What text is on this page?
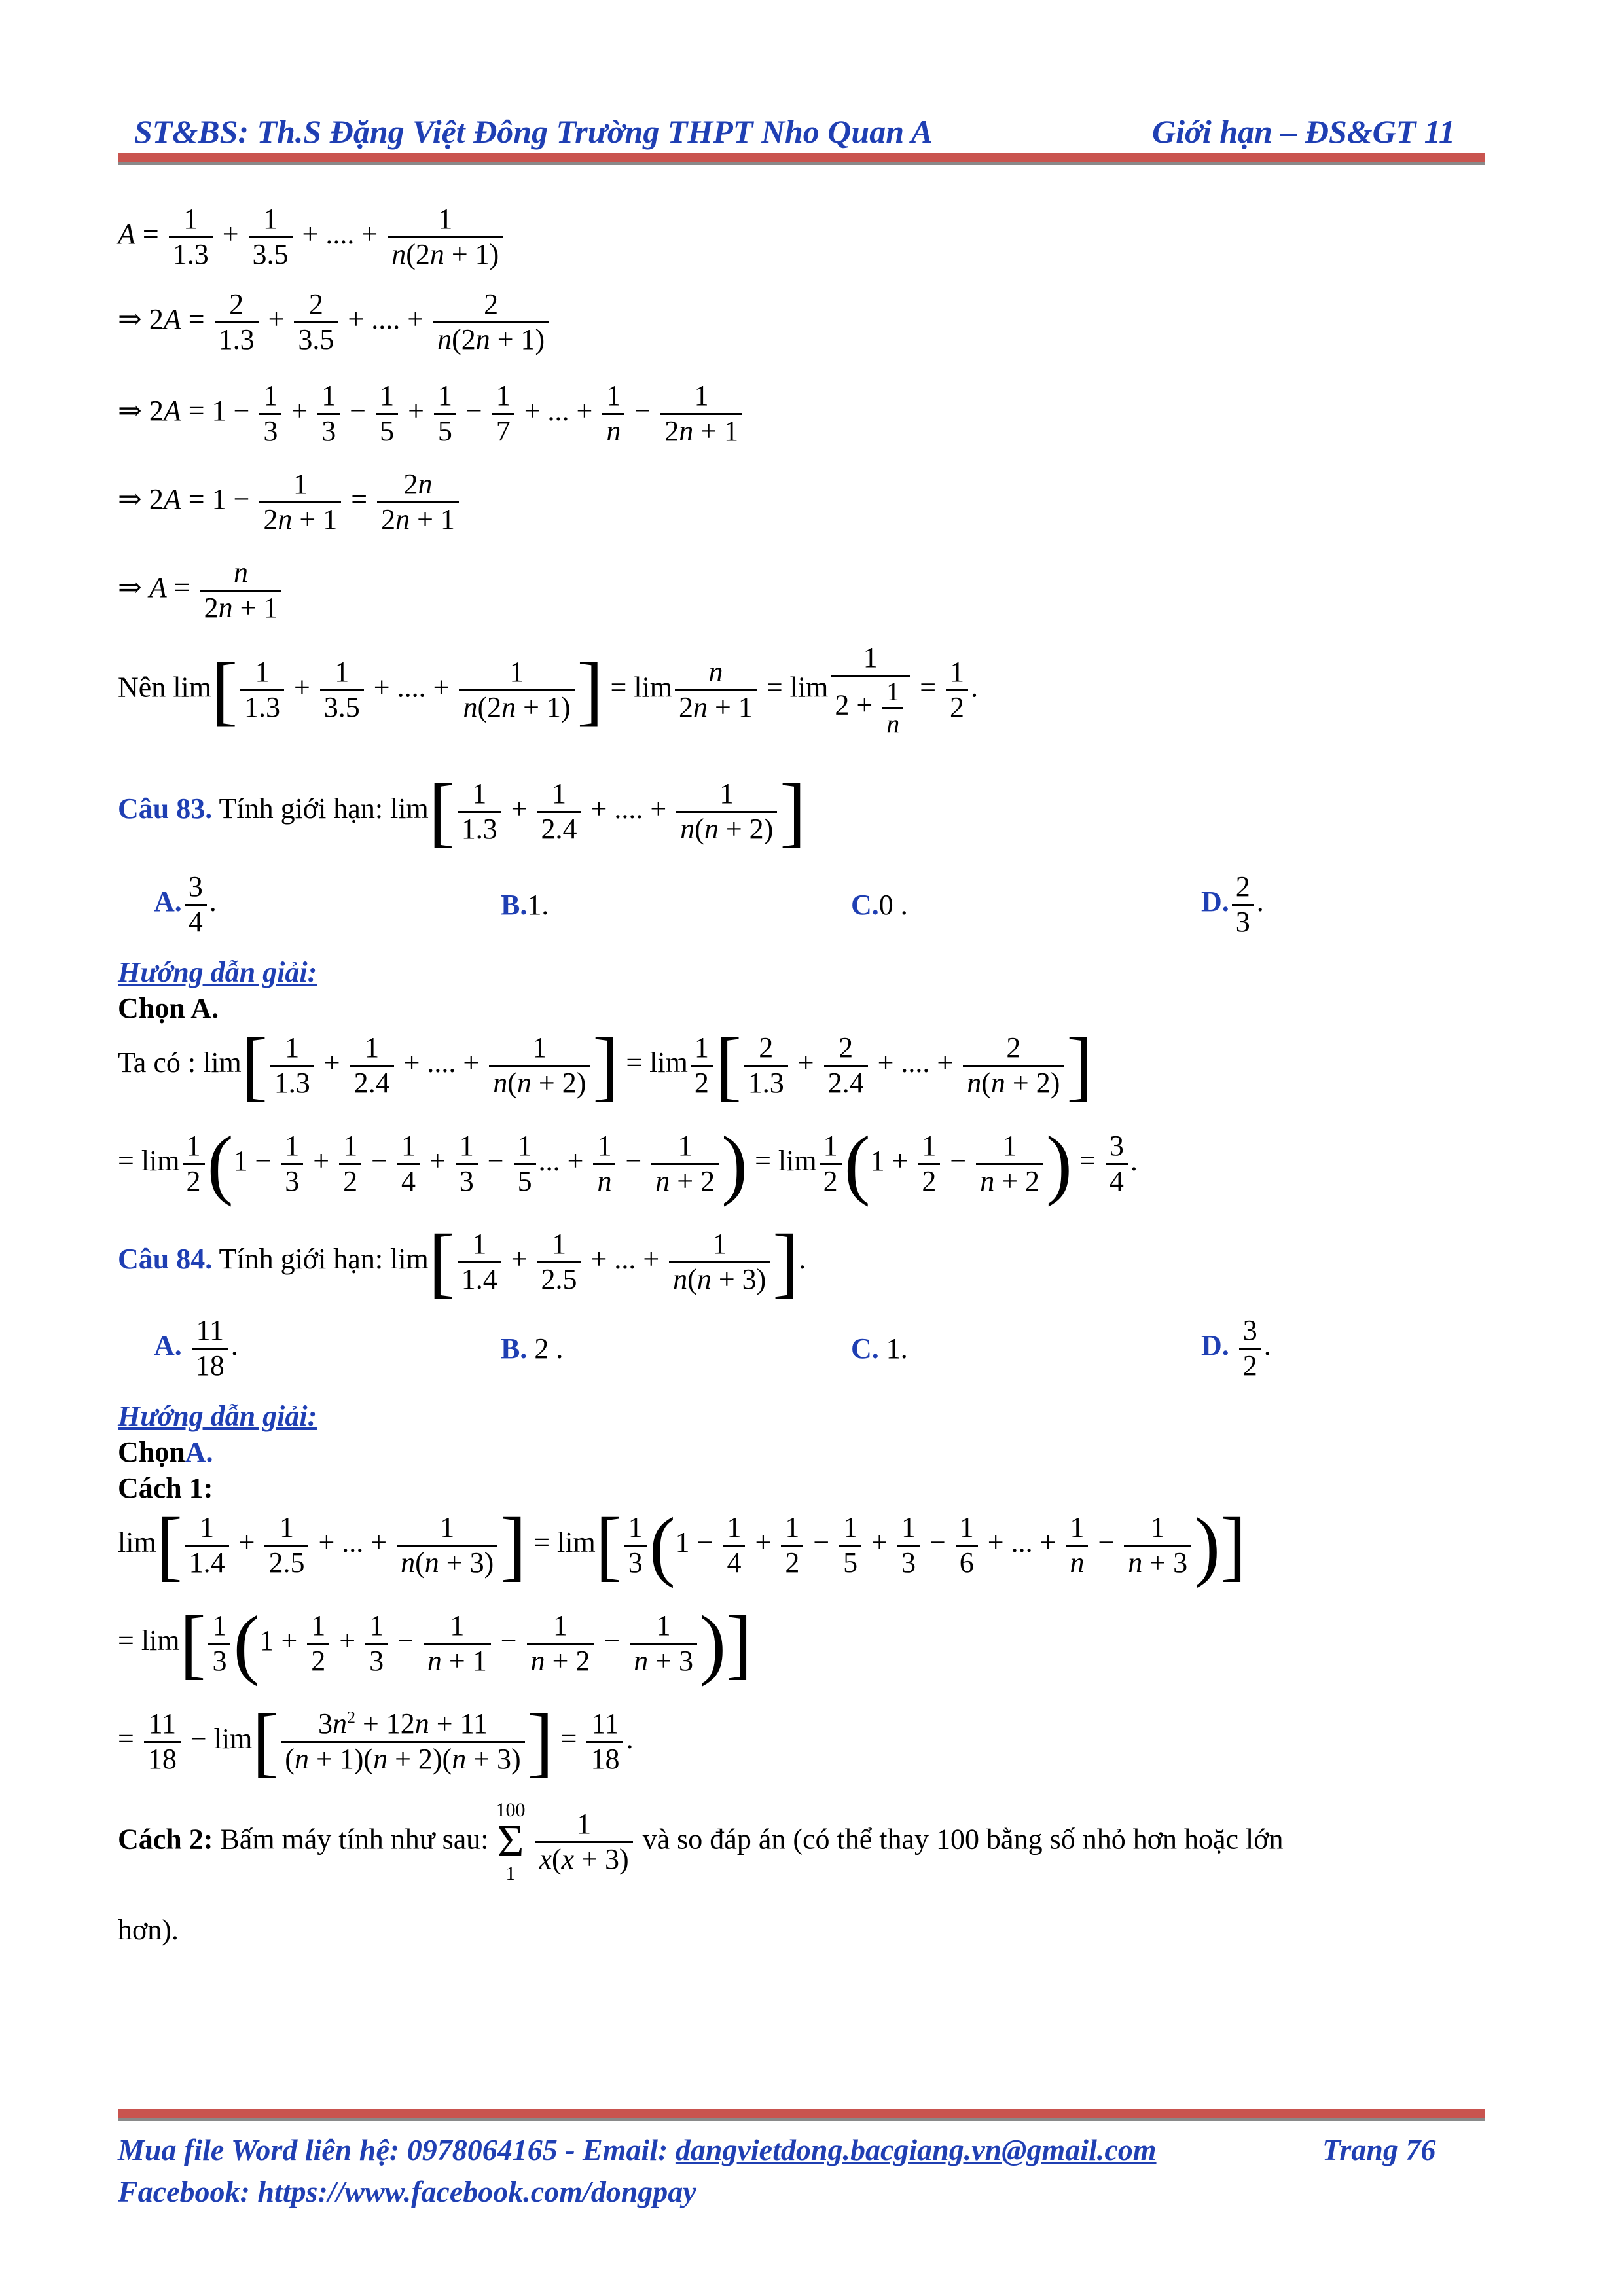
ST&BS: Th.S Đặng Việt Đông Trường THPT Nho Quan A	Giới hạn – ĐS&GT 11
$A = \frac{1}{1.3} + \frac{1}{3.5}$ + .... + $\frac{1}{n(2n + 1)}$
⇒ $2A = \frac{2}{1.3} + \frac{2}{3.5}$ + .... + $\frac{2}{n(2n + 1)}$
⇒ $2A = 1 - \frac{1}{3} + \frac{1}{3} - \frac{1}{5} + \frac{1}{5} - \frac{1}{7}$ + ... + $\frac{1}{n} - \frac{1}{2n + 1}$
⇒ $2A = 1 - \frac{1}{2n + 1} = \frac{2n}{2n + 1}$
⇒ $A = \frac{n}{2n + 1}$
Nên $\lim[ \frac{1}{1.3} + \frac{1}{3.5}$ + .... + $\frac{1}{n(2n + 1)}$ ] = $\lim \frac{n}{2n + 1} = \lim \frac{1}{2 + \frac{1}{n}} = \frac{1}{2}$ .
Câu 83. Tính giới hạn: $\lim[ \frac{1}{1.3} + \frac{1}{2.4}$ + .... + $\frac{1}{n(n + 2)}$ ]
A. $\frac{3}{4}$ .	B.1.	C.0 .	D. $\frac{2}{3}$ .
Hướng dẫn giải:
Chọn A.
Ta có : $\lim[ \frac{1}{1.3} + \frac{1}{2.4}$ + .... + $\frac{1}{n(n + 2)}$ ] = $\lim \frac{1}{2}$ [ $\frac{2}{1.3} + \frac{2}{2.4}$ + .... + $\frac{2}{n(n + 2)}$ ]
= $\lim \frac{1}{2} (1 - \frac{1}{3} + \frac{1}{2} - \frac{1}{4} + \frac{1}{3} - \frac{1}{5}$ ... + $\frac{1}{n} - \frac{1}{n + 2}$ ) = $\lim \frac{1}{2} (1 + \frac{1}{2} - \frac{1}{n + 2}$ ) = $\frac{3}{4}$ .
Câu 84. Tính giới hạn: $\lim[ \frac{1}{1.4} + \frac{1}{2.5}$ + ... + $\frac{1}{n(n + 3)}$ ].
A. $\frac{11}{18}$ .	B. 2 .	C. 1.	D. $\frac{3}{2}$ .
Hướng dẫn giải:
ChọnA.
Cách 1:
$\lim[ \frac{1}{1.4} + \frac{1}{2.5}$ + ... + $\frac{1}{n(n + 3)}$ ] = $\lim[ \frac{1}{3} (1 - \frac{1}{4} + \frac{1}{2} - \frac{1}{5} + \frac{1}{3} - \frac{1}{6}$ + ... + $\frac{1}{n} - \frac{1}{n + 3}$ )]
= $\lim[ \frac{1}{3} (1 + \frac{1}{2} + \frac{1}{3} - \frac{1}{n + 1} - \frac{1}{n + 2} - \frac{1}{n + 3}$ )]
= $\frac{11}{18} - \lim[ \frac{3n^2 + 12n + 11}{(n + 1)(n + 2)(n + 3)}$ ] = $\frac{11}{18}$ .
Cách 2: Bấm máy tính như sau: 100
Σ
$1 \frac{1}{x(x + 3)}$ và so đáp án (có thể thay 100 bằng số nhỏ hơn hoặc lớn
hơn).
Mua file Word liên hệ: 0978064165 - Email: dangvietdong.bacgiang.vn@gmail.com	Trang 76
Facebook: https://www.facebook.com/dongpay
